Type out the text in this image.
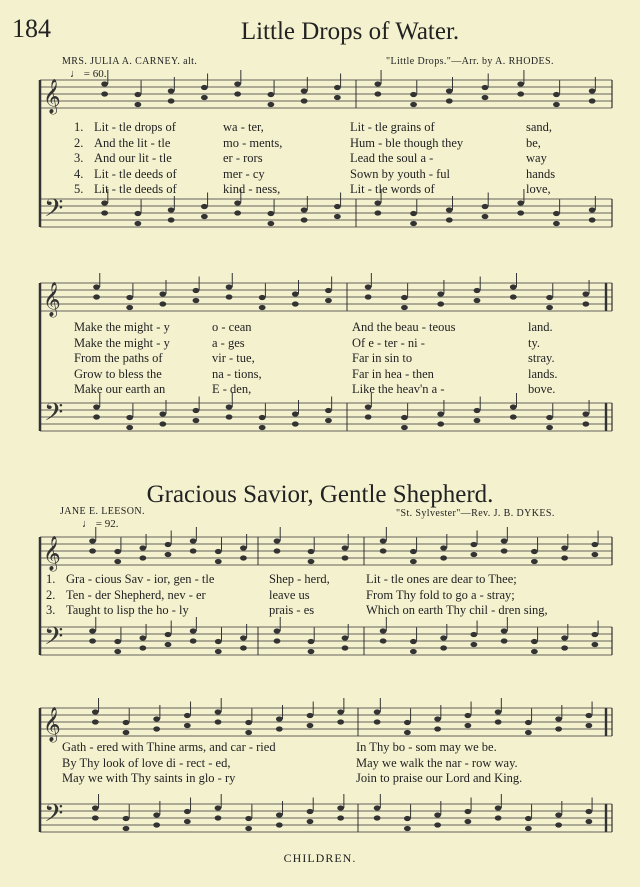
184	Little Drops of Water.
MRS. JULIA A. CARNEY. alt.	"Little Drops."—Arr. by A. RHODES.
♩ = 60.
𝄞
𝄢
𝄞
𝄢
𝄞
𝄢
𝄞
𝄢
1. Lit - tle drops of	wa - ter,	Lit - tle grains of	sand,
2. And the lit - tle	mo - ments,	Hum - ble though they	be,
3. And our lit - tle	er - rors	Lead the soul a -	way
4. Lit - tle deeds of	mer - cy	Sown by youth - ful	hands
5. Lit - tle deeds of	kind - ness,	Lit - tle words of	love,
Make the might - y	o - cean	And the beau - teous	land.
Make the might - y	a - ges	Of e - ter - ni -	ty.
From the paths of	vir - tue,	Far in sin to	stray.
Grow to bless the	na - tions,	Far in hea - then	lands.
Make our earth an	E - den,	Like the heav'n a -	bove.
Gracious Savior, Gentle Shepherd.
JANE E. LEESON.	"St. Sylvester"—Rev. J. B. DYKES.
♩ = 92.
1. Gra - cious Sav - ior, gen - tle	Shep - herd,	Lit - tle ones are dear to Thee;
2. Ten - der Shepherd, nev - er	leave us	From Thy fold to go a - stray;
3. Taught to lisp the ho - ly	prais - es	Which on earth Thy chil - dren sing,
Gath - ered with Thine arms, and car - ried	In Thy bo - som may we be.
By Thy look of love di - rect - ed,	May we walk the nar - row way.
May we with Thy saints in glo - ry	Join to praise our Lord and King.
CHILDREN.
